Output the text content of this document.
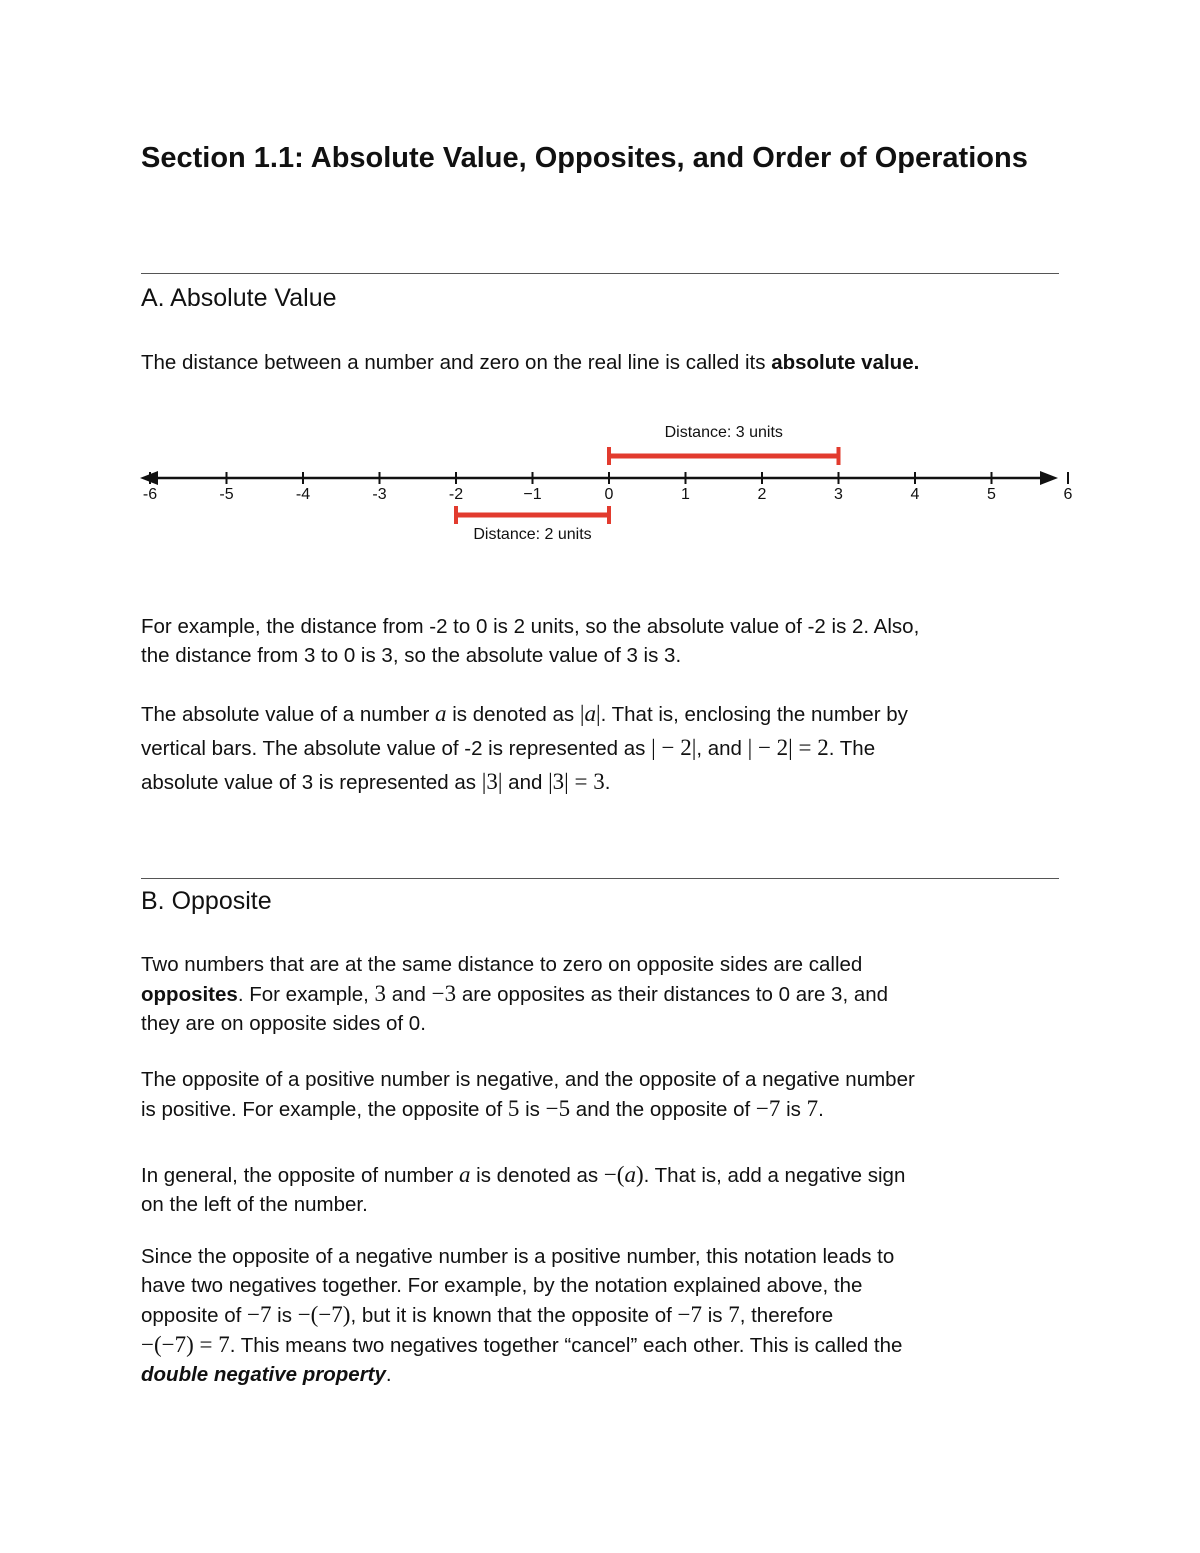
Section 1.1: Absolute Value, Opposites, and Order of Operations
A. Absolute Value

The distance between a number and zero on the real line is called its absolute value.

For example, the distance from -2 to 0 is 2 units, so the absolute value of -2 is 2. Also,
the distance from 3 to 0 is 3, so the absolute value of 3 is 3.

The absolute value of a number a is denoted as |a|. That is, enclosing the number by
vertical bars. The absolute value of -2 is represented as | − 2|, and | − 2| = 2. The
absolute value of 3 is represented as |3| and |3| = 3.

B. Opposite

Two numbers that are at the same distance to zero on opposite sides are called
opposites. For example, 3 and −3 are opposites as their distances to 0 are 3, and
they are on opposite sides of 0.

The opposite of a positive number is negative, and the opposite of a negative number
is positive. For example, the opposite of 5 is −5 and the opposite of −7 is 7.

In general, the opposite of number a is denoted as −(a). That is, add a negative sign
on the left of the number.

Since the opposite of a negative number is a positive number, this notation leads to
have two negatives together. For example, by the notation explained above, the
opposite of −7 is −(−7), but it is known that the opposite of −7 is 7, therefore
−(−7) = 7. This means two negatives together “cancel” each other. This is called the
double negative property.

-6	-5	-4	-3	-2	−1	0	1	2	3	4	5	6
Distance: 3 units
Distance: 2 units
